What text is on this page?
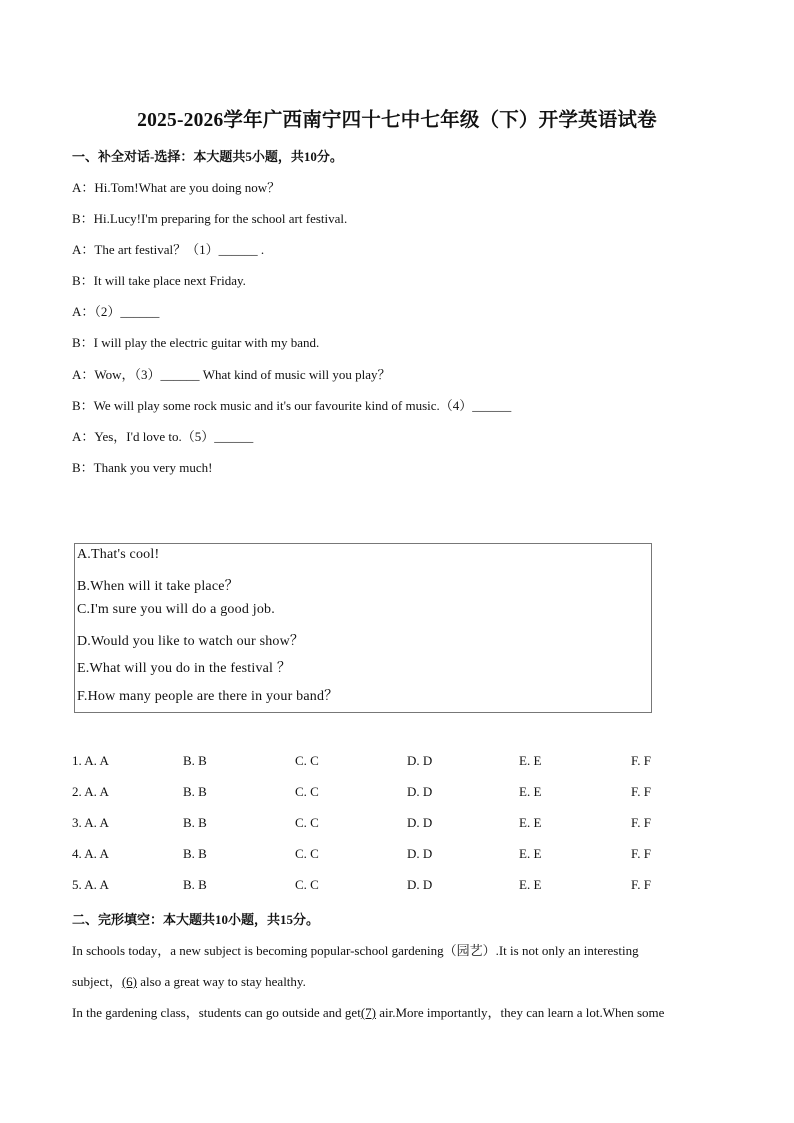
2025-2026学年广西南宁四十七中七年级（下）开学英语试卷
一、补全对话-选择：本大题共5小题，共10分。
A：Hi.Tom!What are you doing now？
B：Hi.Lucy!I'm preparing for the school art festival.
A：The art festival？（1）______ .
B：It will take place next Friday.
A：（2）______
B：I will play the electric guitar with my band.
A：Wow，（3）______ What kind of music will you play？
B：We will play some rock music and it's our favourite kind of music.（4）______
A：Yes，I'd love to.（5）______
B：Thank you very much!
A.That's cool!
B.When will it take place？
C.I'm sure you will do a good job.
D.Would you like to watch our show？
E.What will you do in the festival ？
F.How many people are there in your band？
1. A. A	B. B	C. C	D. D	E. E	F. F
2. A. A	B. B	C. C	D. D	E. E	F. F
3. A. A	B. B	C. C	D. D	E. E	F. F
4. A. A	B. B	C. C	D. D	E. E	F. F
5. A. A	B. B	C. C	D. D	E. E	F. F
二、完形填空：本大题共10小题，共15分。
In schools today，a new subject is becoming popular-school gardening（园艺）.It is not only an interesting
subject，(6) also a great way to stay healthy.
In the gardening class，students can go outside and get(7) air.More importantly，they can learn a lot.When some
